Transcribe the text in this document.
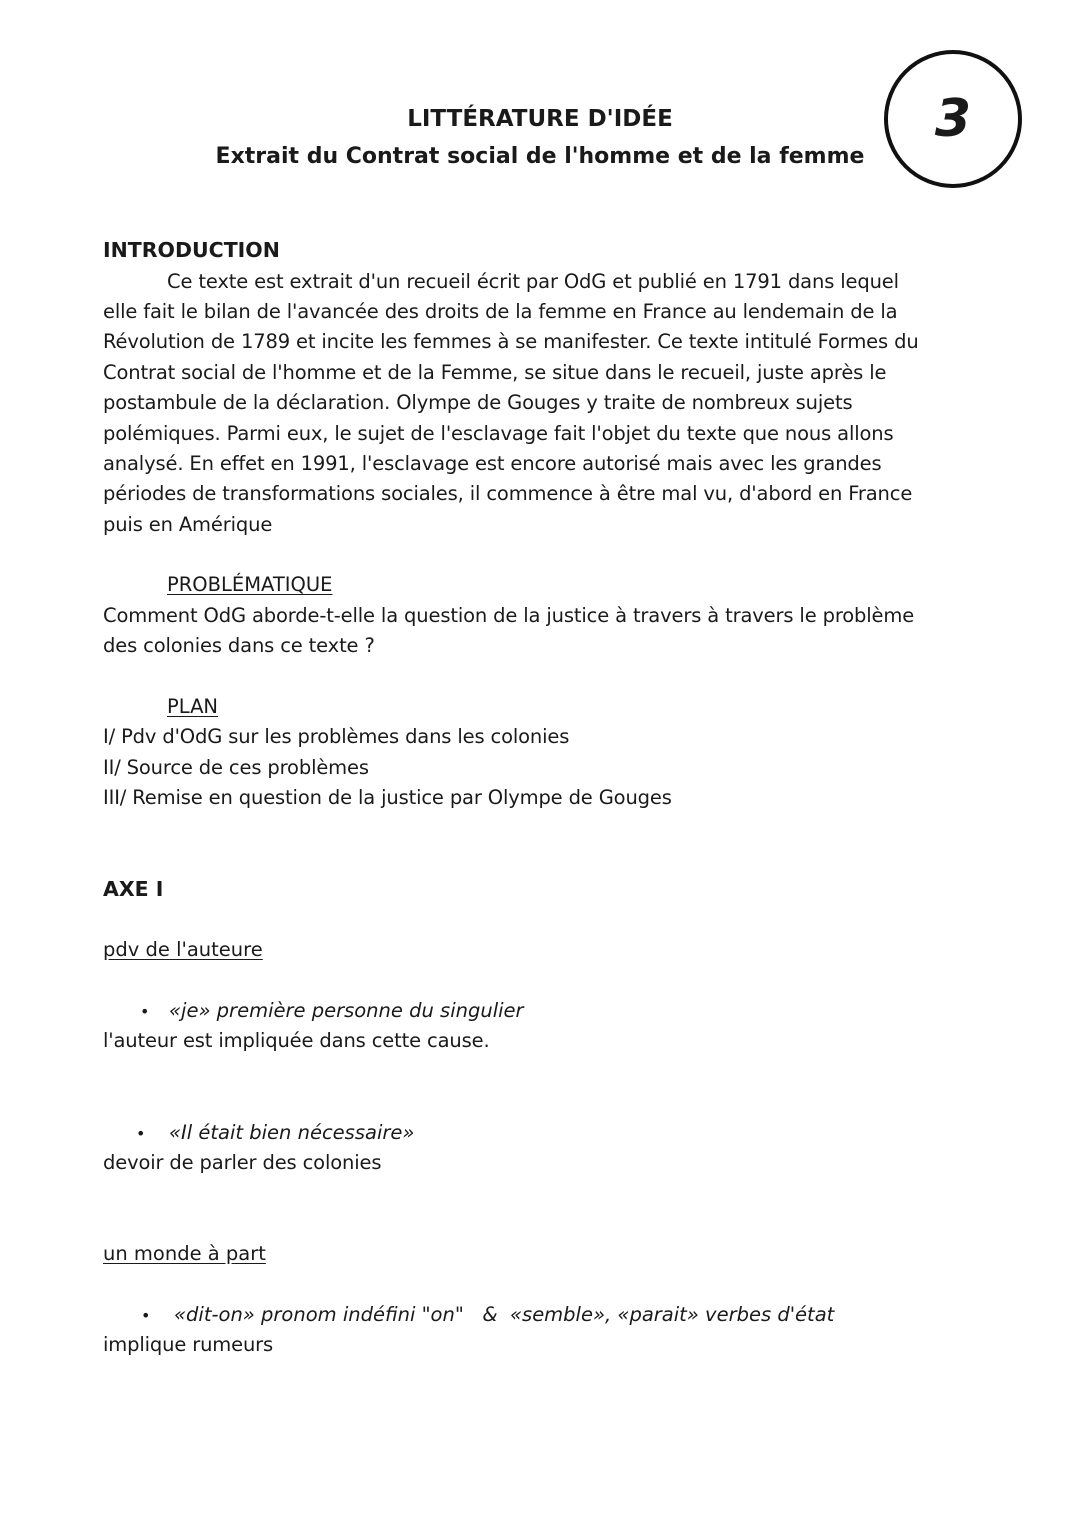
LITTÉRATURE D'IDÉE
Extrait du Contrat social de l'homme et de la femme
3
INTRODUCTION
Ce texte est extrait d'un recueil écrit par OdG et publié en 1791 dans lequel
elle fait le bilan de l'avancée des droits de la femme en France au lendemain de la
Révolution de 1789 et incite les femmes à se manifester. Ce texte intitulé Formes du
Contrat social de l'homme et de la Femme, se situe dans le recueil, juste après le
postambule de la déclaration. Olympe de Gouges y traite de nombreux sujets
polémiques. Parmi eux, le sujet de l'esclavage fait l'objet du texte que nous allons
analysé. En effet en 1991, l'esclavage est encore autorisé mais avec les grandes
périodes de transformations sociales, il commence à être mal vu, d'abord en France
puis en Amérique
PROBLÉMATIQUE
Comment OdG aborde-t-elle la question de la justice à travers à travers le problème
des colonies dans ce texte ?
PLAN
I/ Pdv d'OdG sur les problèmes dans les colonies
II/ Source de ces problèmes
III/ Remise en question de la justice par Olympe de Gouges
AXE I
pdv de l'auteure
• «je» première personne du singulier
l'auteur est impliquée dans cette cause.
• «Il était bien nécessaire»
devoir de parler des colonies
un monde à part
• «dit-on» pronom indéfini "on"   &  «semble», «parait» verbes d'état
implique rumeurs
